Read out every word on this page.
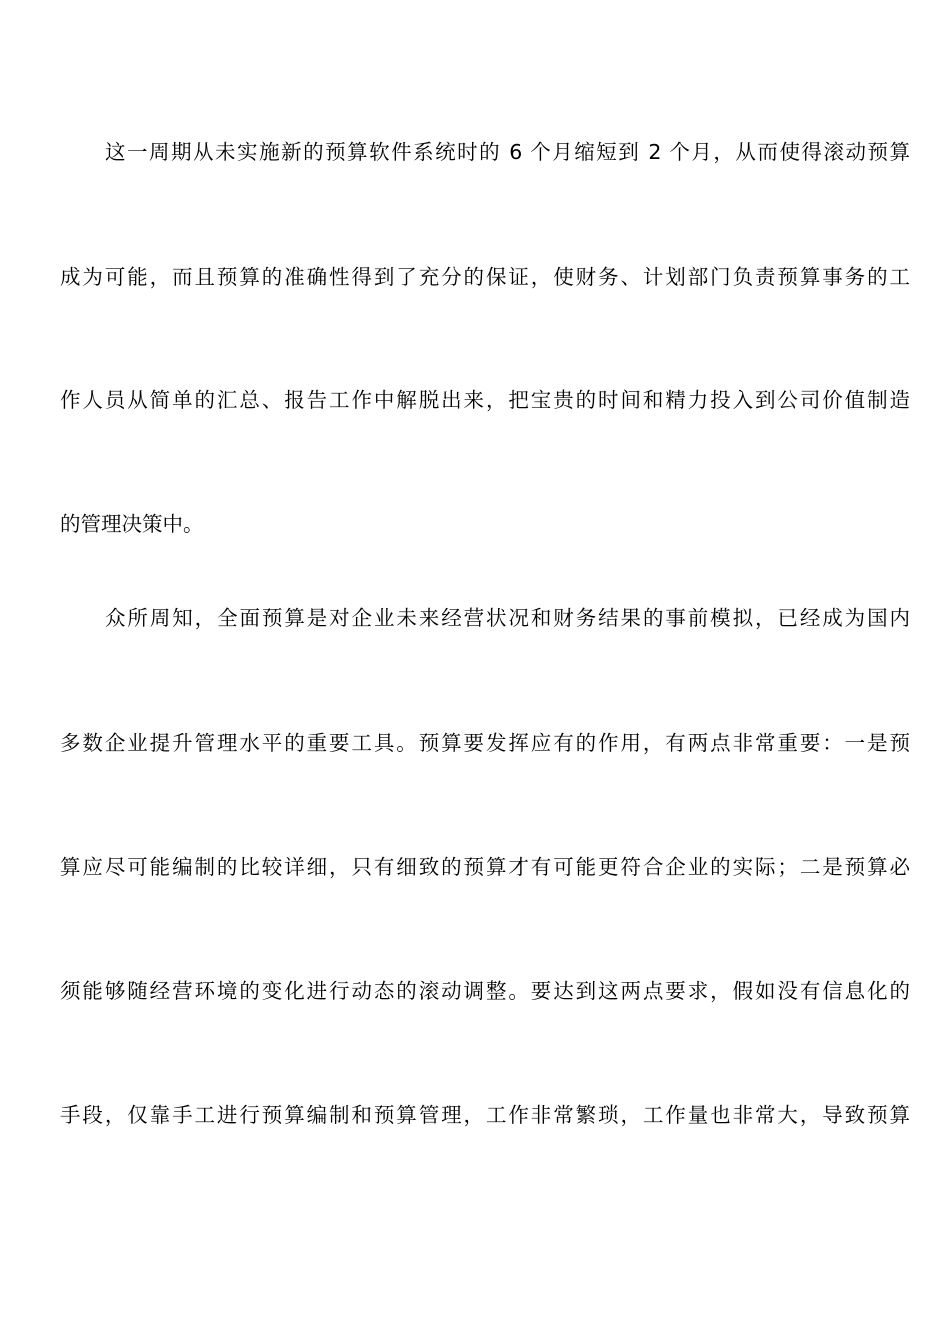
这一周期从未实施新的预算软件系统时的 6 个月缩短到 2 个月，从而使得滚动预算
成为可能，而且预算的准确性得到了充分的保证，使财务、计划部门负责预算事务的工
作人员从简单的汇总、报告工作中解脱出来，把宝贵的时间和精力投入到公司价值制造
的管理决策中。
众所周知，全面预算是对企业未来经营状况和财务结果的事前模拟，已经成为国内
多数企业提升管理水平的重要工具。预算要发挥应有的作用，有两点非常重要：一是预
算应尽可能编制的比较详细，只有细致的预算才有可能更符合企业的实际；二是预算必
须能够随经营环境的变化进行动态的滚动调整。要达到这两点要求，假如没有信息化的
手段，仅靠手工进行预算编制和预算管理，工作非常繁琐，工作量也非常大，导致预算
